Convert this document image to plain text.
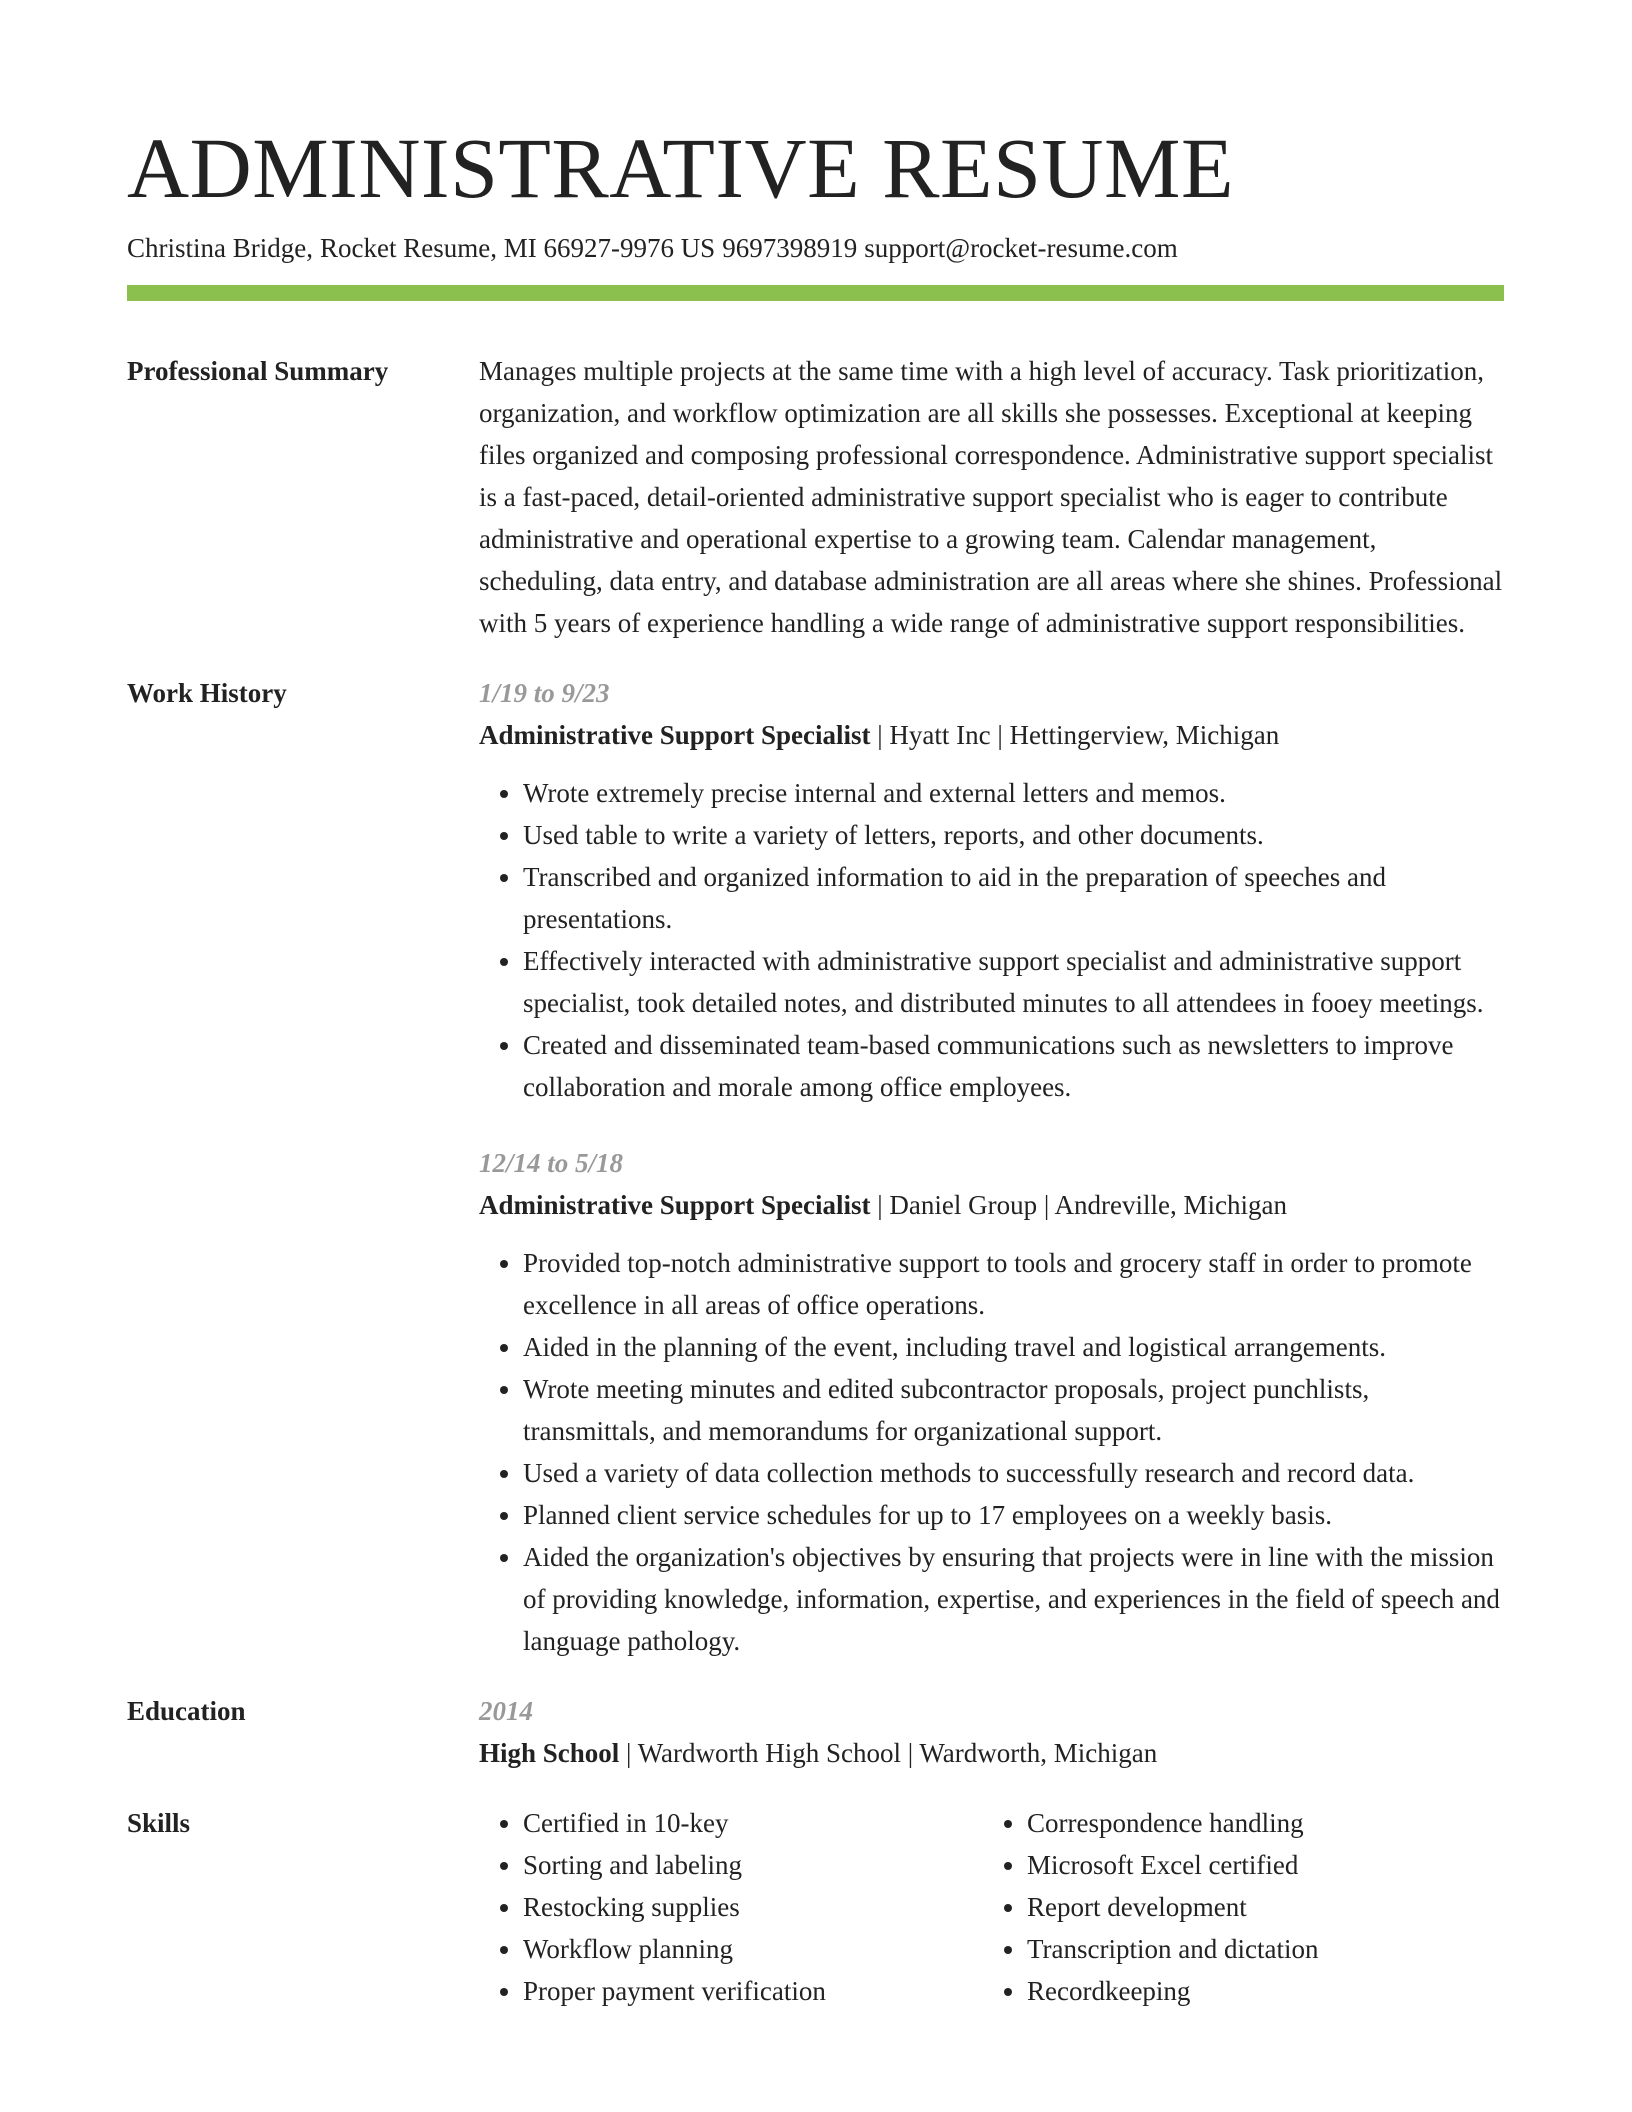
ADMINISTRATIVE RESUME
Christina Bridge, Rocket Resume, MI 66927-9976 US 9697398919 support@rocket-resume.com
Professional Summary	Manages multiple projects at the same time with a high level of accuracy. Task prioritization, organization, and workflow optimization are all skills she possesses. Exceptional at keeping files organized and composing professional correspondence. Administrative support specialist is a fast-paced, detail-oriented administrative support specialist who is eager to contribute administrative and operational expertise to a growing team. Calendar management, scheduling, data entry, and database administration are all areas where she shines. Professional with 5 years of experience handling a wide range of administrative support responsibilities.

Work History	1/19 to 9/23
Administrative Support Specialist | Hyatt Inc | Hettingerview, Michigan
• Wrote extremely precise internal and external letters and memos.
• Used table to write a variety of letters, reports, and other documents.
• Transcribed and organized information to aid in the preparation of speeches and presentations.
• Effectively interacted with administrative support specialist and administrative support specialist, took detailed notes, and distributed minutes to all attendees in fooey meetings.
• Created and disseminated team-based communications such as newsletters to improve collaboration and morale among office employees.
12/14 to 5/18
Administrative Support Specialist | Daniel Group | Andreville, Michigan
• Provided top-notch administrative support to tools and grocery staff in order to promote excellence in all areas of office operations.
• Aided in the planning of the event, including travel and logistical arrangements.
• Wrote meeting minutes and edited subcontractor proposals, project punchlists, transmittals, and memorandums for organizational support.
• Used a variety of data collection methods to successfully research and record data.
• Planned client service schedules for up to 17 employees on a weekly basis.
• Aided the organization's objectives by ensuring that projects were in line with the mission of providing knowledge, information, expertise, and experiences in the field of speech and language pathology.
Education	2014
High School | Wardworth High School | Wardworth, Michigan
Skills
•	Certified in 10-key
• Sorting and labeling
• Restocking supplies
• Workflow planning
• Proper payment verification
• Correspondence handling
• Microsoft Excel certified
• Report development
• Transcription and dictation
• Recordkeeping
